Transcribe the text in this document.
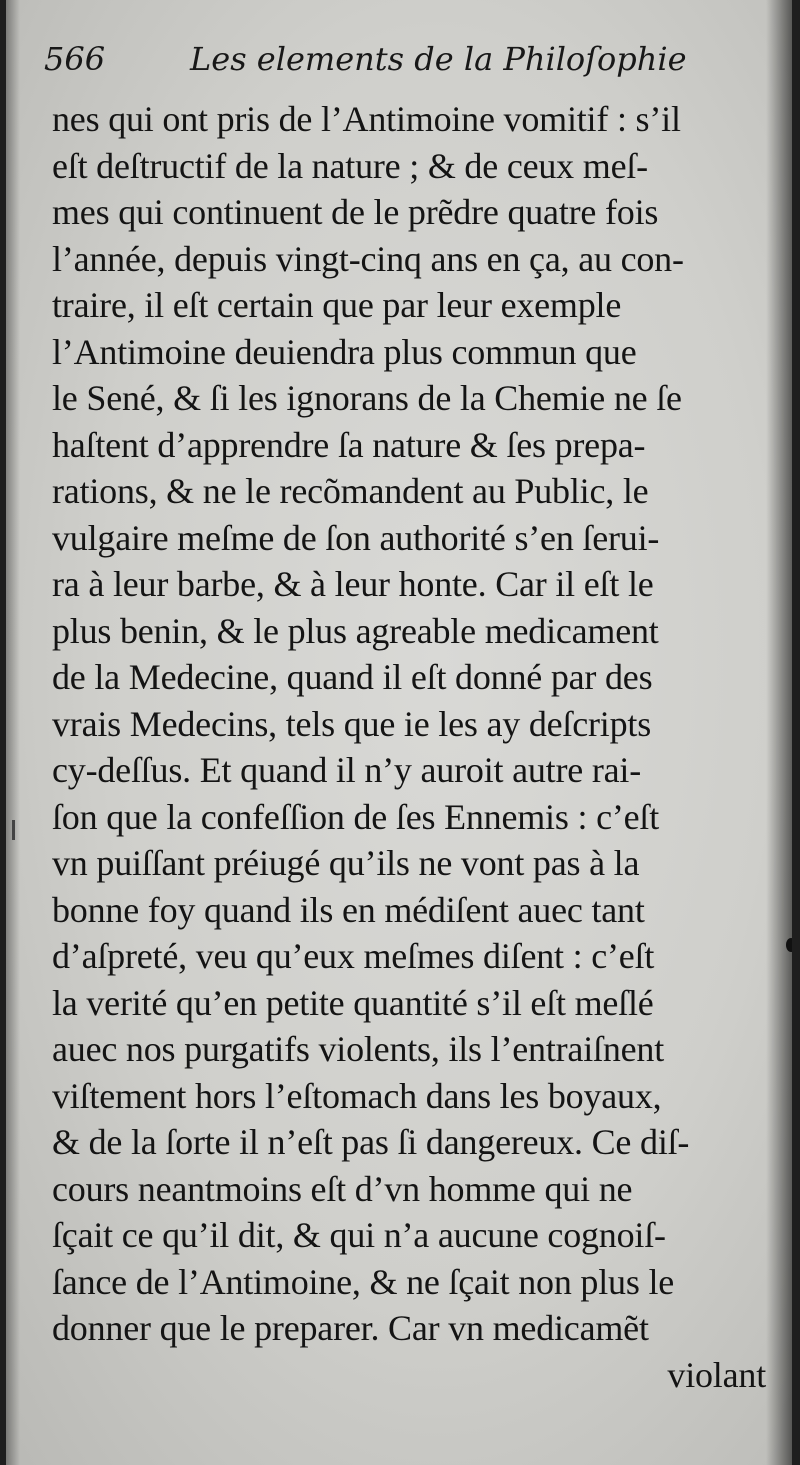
566	Les elements de la Philoſophie
nes qui ont pris de l’Antimoine vomitif : s’il
eſt deſtructif de la nature ; & de ceux meſ-
mes qui continuent de le prẽdre quatre fois
l’année, depuis vingt-cinq ans en ça, au con-
traire, il eſt certain que par leur exemple
l’Antimoine deuiendra plus commun que
le Sené, & ſi les ignorans de la Chemie ne ſe
haſtent d’apprendre ſa nature & ſes prepa-
rations, & ne le recõmandent au Public, le
vulgaire meſme de ſon authorité s’en ſerui-
ra à leur barbe, & à leur honte. Car il eſt le
plus benin, & le plus agreable medicament
de la Medecine, quand il eſt donné par des
vrais Medecins, tels que ie les ay deſcripts
cy-deſſus. Et quand il n’y auroit autre rai-
ſon que la confeſſion de ſes Ennemis : c’eſt
vn puiſſant préiugé qu’ils ne vont pas à la
bonne foy quand ils en médiſent auec tant
d’aſpreté, veu qu’eux meſmes diſent : c’eſt
la verité qu’en petite quantité s’il eſt meſlé
auec nos purgatifs violents, ils l’entraiſnent
viſtement hors l’eſtomach dans les boyaux,
& de la ſorte il n’eſt pas ſi dangereux. Ce diſ-
cours neantmoins eſt d’vn homme qui ne
ſçait ce qu’il dit, & qui n’a aucune cognoiſ-
ſance de l’Antimoine, & ne ſçait non plus le
donner que le preparer. Car vn medicamẽt
violant
